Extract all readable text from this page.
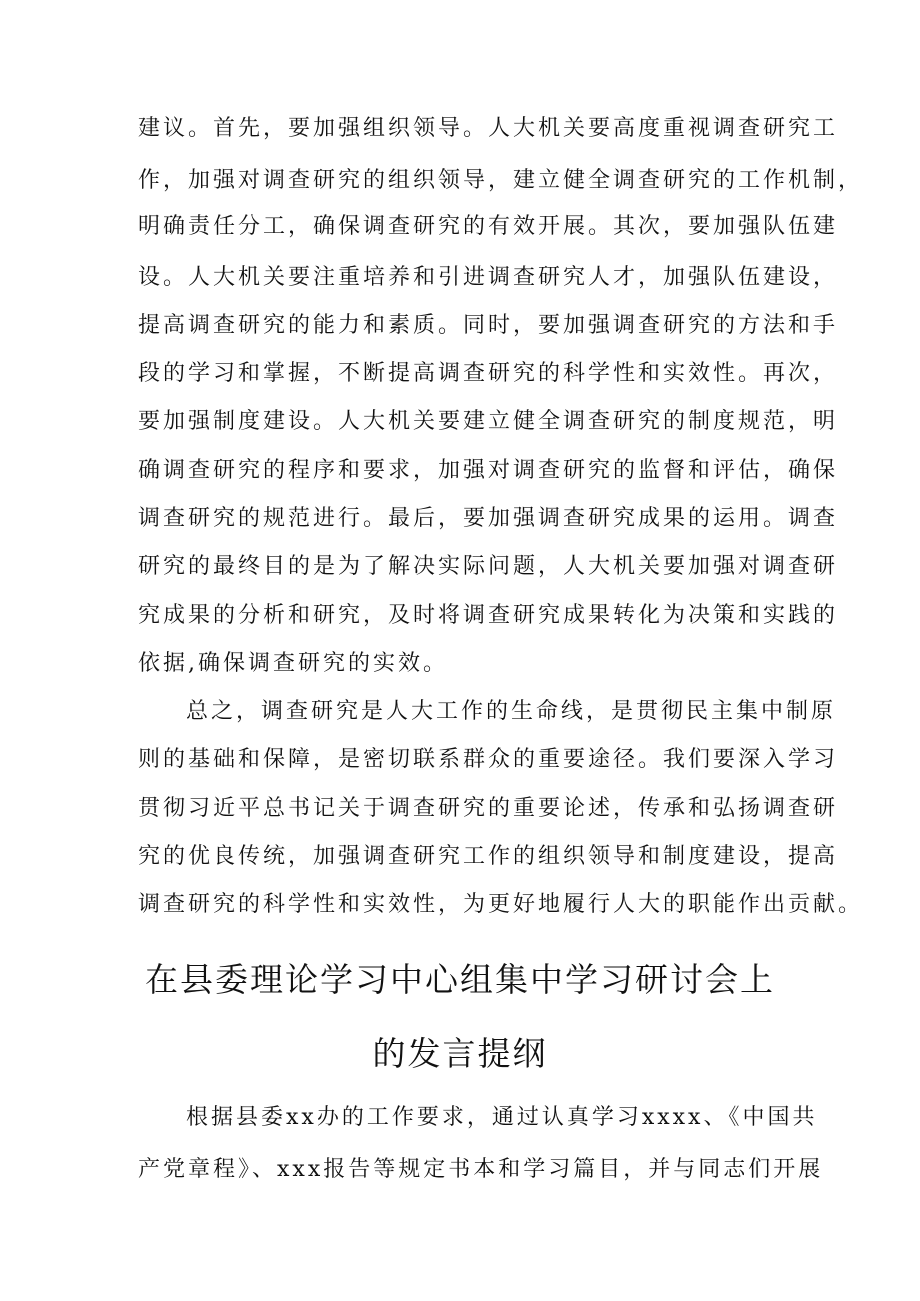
建议。首先，要加强组织领导。人大机关要高度重视调查研究工
作，加强对调查研究的组织领导，建立健全调查研究的工作机制，
明确责任分工，确保调查研究的有效开展。其次，要加强队伍建
设。人大机关要注重培养和引进调查研究人才，加强队伍建设，
提高调查研究的能力和素质。同时，要加强调查研究的方法和手
段的学习和掌握，不断提高调查研究的科学性和实效性。再次，
要加强制度建设。人大机关要建立健全调查研究的制度规范，明
确调查研究的程序和要求，加强对调查研究的监督和评估，确保
调查研究的规范进行。最后，要加强调查研究成果的运用。调查
研究的最终目的是为了解决实际问题，人大机关要加强对调查研
究成果的分析和研究，及时将调查研究成果转化为决策和实践的
依据,确保调查研究的实效。
总之，调查研究是人大工作的生命线，是贯彻民主集中制原
则的基础和保障，是密切联系群众的重要途径。我们要深入学习
贯彻习近平总书记关于调查研究的重要论述，传承和弘扬调查研
究的优良传统，加强调查研究工作的组织领导和制度建设，提高
调查研究的科学性和实效性，为更好地履行人大的职能作出贡献。
在县委理论学习中心组集中学习研讨会上
的发言提纲
根据县委xx办的工作要求，通过认真学习xxxx、《中国共
产党章程》、xxx报告等规定书本和学习篇目，并与同志们开展
